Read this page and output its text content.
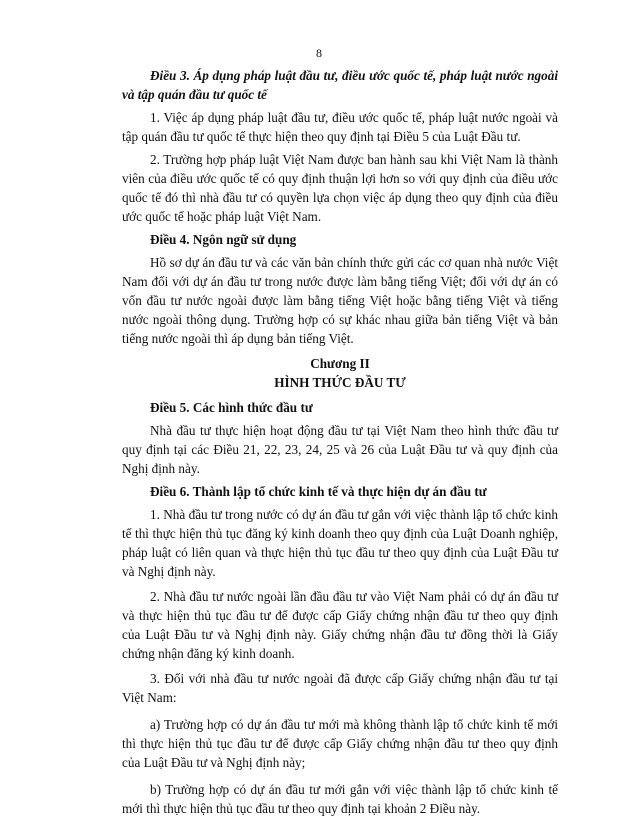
8

Điều 3. Áp dụng pháp luật đầu tư, điều ước quốc tế, pháp luật nước ngoài và tập quán đầu tư quốc tế

1. Việc áp dụng pháp luật đầu tư, điều ước quốc tế, pháp luật nước ngoài và tập quán đầu tư quốc tế thực hiện theo quy định tại Điều 5 của Luật Đầu tư.

2. Trường hợp pháp luật Việt Nam được ban hành sau khi Việt Nam là thành viên của điều ước quốc tế có quy định thuận lợi hơn so với quy định của điều ước quốc tế đó thì nhà đầu tư có quyền lựa chọn việc áp dụng theo quy định của điều ước quốc tế hoặc pháp luật Việt Nam.

Điều 4. Ngôn ngữ sử dụng

Hồ sơ dự án đầu tư và các văn bản chính thức gửi các cơ quan nhà nước Việt Nam đối với dự án đầu tư trong nước được làm bằng tiếng Việt; đối với dự án có vốn đầu tư nước ngoài được làm bằng tiếng Việt hoặc bằng tiếng Việt và tiếng nước ngoài thông dụng. Trường hợp có sự khác nhau giữa bản tiếng Việt và bản tiếng nước ngoài thì áp dụng bản tiếng Việt.

Chương II

HÌNH THỨC ĐẦU TƯ

Điều 5. Các hình thức đầu tư

Nhà đầu tư thực hiện hoạt động đầu tư tại Việt Nam theo hình thức đầu tư quy định tại các Điều 21, 22, 23, 24, 25 và 26 của Luật Đầu tư và quy định của Nghị định này.

Điều 6. Thành lập tổ chức kinh tế và thực hiện dự án đầu tư

1. Nhà đầu tư trong nước có dự án đầu tư gắn với việc thành lập tổ chức kinh tế thì thực hiện thủ tục đăng ký kinh doanh theo quy định của Luật Doanh nghiệp, pháp luật có liên quan và thực hiện thủ tục đầu tư theo quy định của Luật Đầu tư và Nghị định này.

2. Nhà đầu tư nước ngoài lần đầu đầu tư vào Việt Nam phải có dự án đầu tư và thực hiện thủ tục đầu tư để được cấp Giấy chứng nhận đầu tư theo quy định của Luật Đầu tư và Nghị định này. Giấy chứng nhận đầu tư đồng thời là Giấy chứng nhận đăng ký kinh doanh.

3. Đối với nhà đầu tư nước ngoài đã được cấp Giấy chứng nhận đầu tư tại Việt Nam:

a) Trường hợp có dự án đầu tư mới mà không thành lập tổ chức kinh tế mới thì thực hiện thủ tục đầu tư để được cấp Giấy chứng nhận đầu tư theo quy định của Luật Đầu tư và Nghị định này;

b) Trường hợp có dự án đầu tư mới gắn với việc thành lập tổ chức kinh tế mới thì thực hiện thủ tục đầu tư theo quy định tại khoản 2 Điều này.
